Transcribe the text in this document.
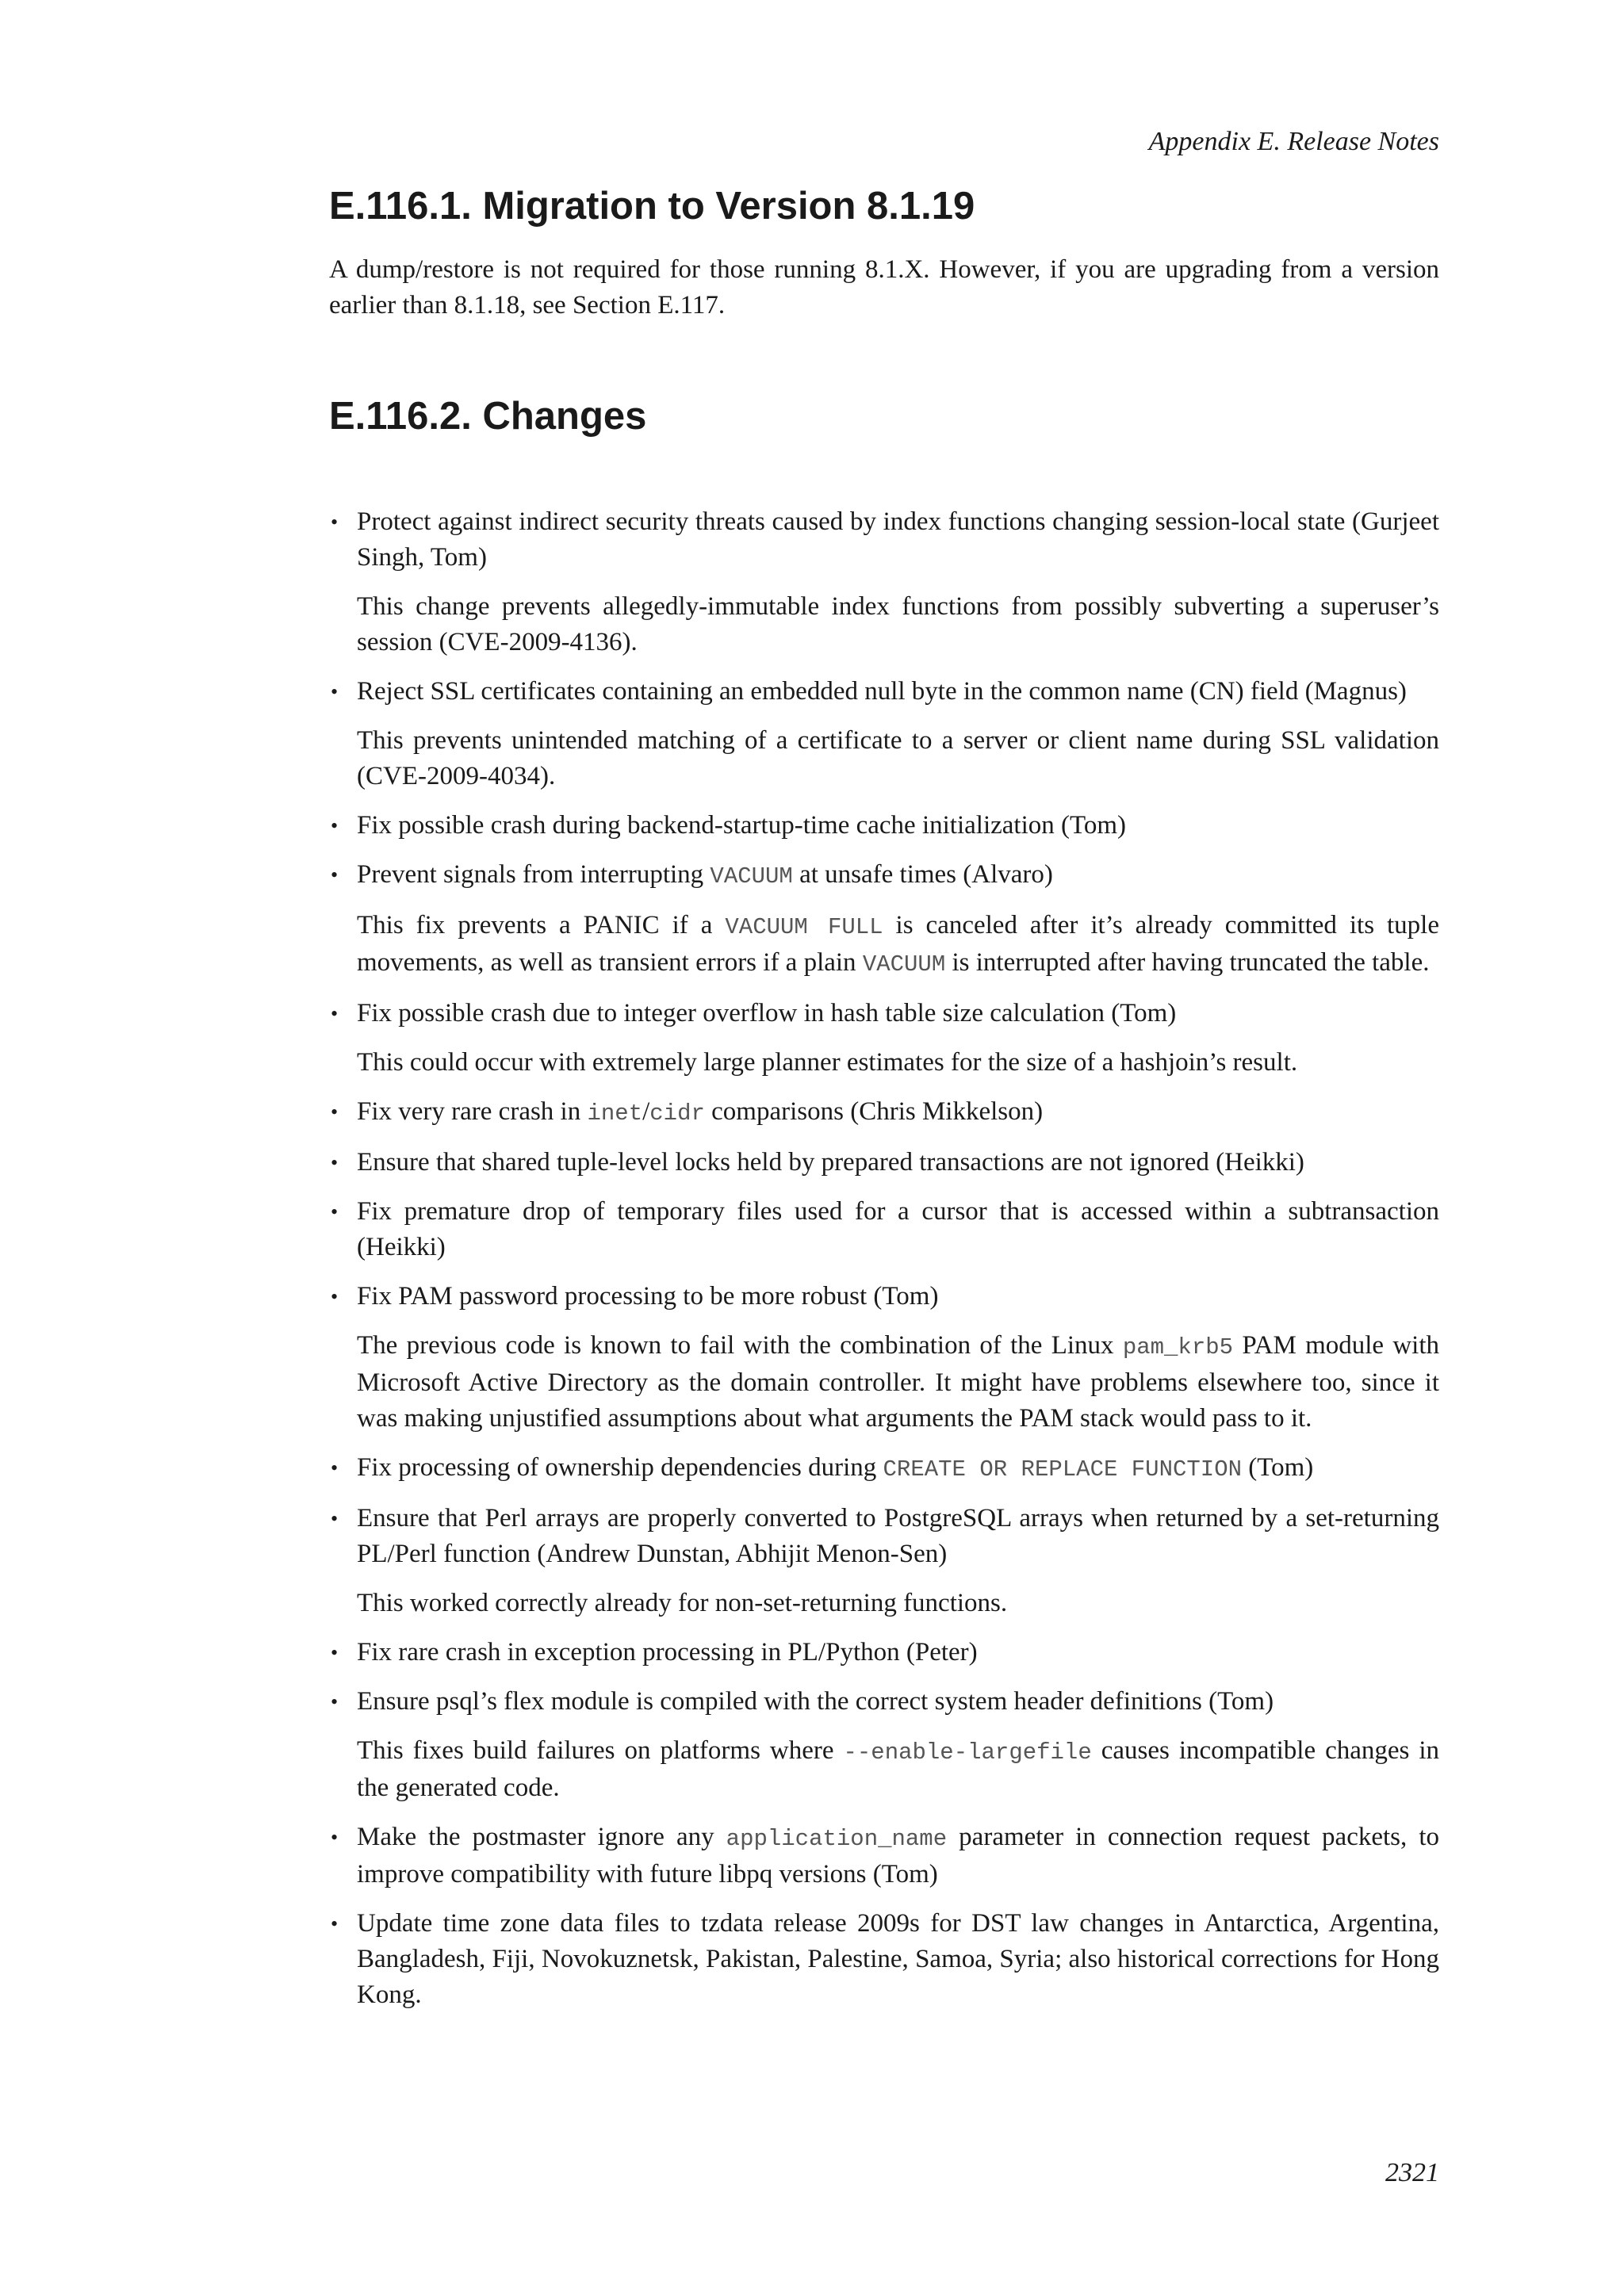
Appendix E. Release Notes
E.116.1. Migration to Version 8.1.19

A dump/restore is not required for those running 8.1.X. However, if you are upgrading from a version earlier than 8.1.18, see Section E.117.

E.116.2. Changes

• Protect against indirect security threats caused by index functions changing session-local state (Gurjeet Singh, Tom)

This change prevents allegedly-immutable index functions from possibly subverting a superuser’s session (CVE-2009-4136).

• Reject SSL certificates containing an embedded null byte in the common name (CN) field (Magnus)

This prevents unintended matching of a certificate to a server or client name during SSL validation (CVE-2009-4034).

• Fix possible crash during backend-startup-time cache initialization (Tom)

• Prevent signals from interrupting VACUUM at unsafe times (Alvaro)

This fix prevents a PANIC if a VACUUM FULL is canceled after it’s already committed its tuple movements, as well as transient errors if a plain VACUUM is interrupted after having truncated the table.

• Fix possible crash due to integer overflow in hash table size calculation (Tom)

This could occur with extremely large planner estimates for the size of a hashjoin’s result.

• Fix very rare crash in inet/cidr comparisons (Chris Mikkelson)

• Ensure that shared tuple-level locks held by prepared transactions are not ignored (Heikki)

• Fix premature drop of temporary files used for a cursor that is accessed within a subtransaction (Heikki)

• Fix PAM password processing to be more robust (Tom)

The previous code is known to fail with the combination of the Linux pam_krb5 PAM module with Microsoft Active Directory as the domain controller. It might have problems elsewhere too, since it was making unjustified assumptions about what arguments the PAM stack would pass to it.

• Fix processing of ownership dependencies during CREATE OR REPLACE FUNCTION (Tom)

• Ensure that Perl arrays are properly converted to PostgreSQL arrays when returned by a set-returning PL/Perl function (Andrew Dunstan, Abhijit Menon-Sen)

This worked correctly already for non-set-returning functions.

• Fix rare crash in exception processing in PL/Python (Peter)

• Ensure psql’s flex module is compiled with the correct system header definitions (Tom)

This fixes build failures on platforms where --enable-largefile causes incompatible changes in the generated code.

• Make the postmaster ignore any application_name parameter in connection request packets, to improve compatibility with future libpq versions (Tom)

• Update time zone data files to tzdata release 2009s for DST law changes in Antarctica, Argentina, Bangladesh, Fiji, Novokuznetsk, Pakistan, Palestine, Samoa, Syria; also historical corrections for Hong Kong.

2321
